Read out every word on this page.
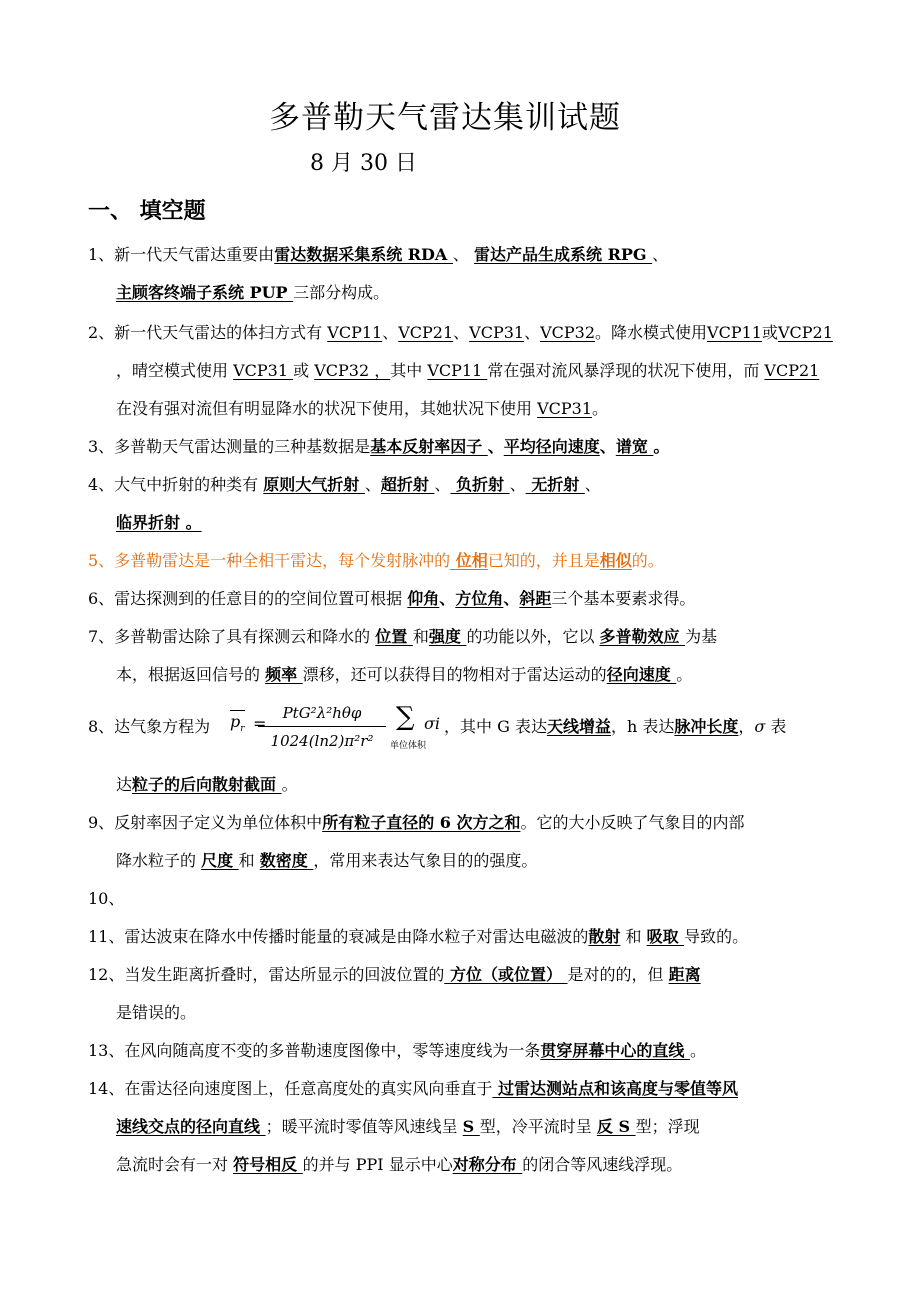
多普勒天气雷达集训试题
8 月 30 日
一、 填空题
1、新一代天气雷达重要由雷达数据采集系统 RDA 、 雷达产品生成系统 RPG 、
主顾客终端子系统 PUP 三部分构成。
2、新一代天气雷达的体扫方式有 VCP11、VCP21、VCP31、VCP32。降水模式使用VCP11或VCP21
，晴空模式使用 VCP31 或 VCP32 ，其中 VCP11 常在强对流风暴浮现的状况下使用，而 VCP21
在没有强对流但有明显降水的状况下使用，其她状况下使用 VCP31。
3、多普勒天气雷达测量的三种基数据是基本反射率因子 、平均径向速度、谱宽 。
4、大气中折射的种类有 原则大气折射 、超折射 、 负折射 、 无折射 、
临界折射 。
5、多普勒雷达是一种全相干雷达，每个发射脉冲的 位相已知的，并且是相似的。
6、雷达探测到的任意目的的空间位置可根据 仰角、方位角、斜距三个基本要素求得。
7、多普勒雷达除了具有探测云和降水的 位置 和强度 的功能以外，它以 多普勒效应 为基
本，根据返回信号的 频率 漂移，还可以获得目的物相对于雷达运动的径向速度 。
8、达气象方程为 $p_r$ =
PtG²λ²hθφ
1024(ln2)π²r²
∑
单位体积
σi ，其中 G 表达天线增益，h 表达脉冲长度，σ 表
达粒子的后向散射截面 。
9、反射率因子定义为单位体积中所有粒子直径的 6 次方之和。它的大小反映了气象目的内部
降水粒子的 尺度 和 数密度 ，常用来表达气象目的的强度。
10、
11、雷达波束在降水中传播时能量的衰减是由降水粒子对雷达电磁波的散射 和 吸取 导致的。
12、当发生距离折叠时，雷达所显示的回波位置的 方位（或位置） 是对的的，但 距离
是错误的。
13、在风向随高度不变的多普勒速度图像中，零等速度线为一条贯穿屏幕中心的直线 。
14、在雷达径向速度图上，任意高度处的真实风向垂直于 过雷达测站点和该高度与零值等风
速线交点的径向直线 ；暖平流时零值等风速线呈 S 型，冷平流时呈 反 S 型；浮现
急流时会有一对 符号相反 的并与 PPI 显示中心对称分布 的闭合等风速线浮现。
